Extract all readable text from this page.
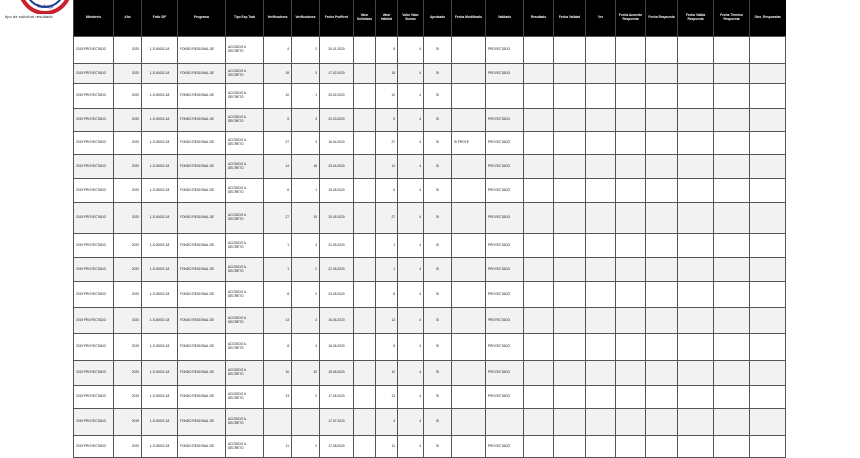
Trabajo
tipo de solicitud resultado	Ministerio	Año	Folio SIF	Programa	Tipo Exp Trab	Verificadores	Verificadores	Fecha Proffired	Valor Solicitado	Valor Hábitat	Valor Valor Sumas	Aprobado	Fecha Modificado	Validado	Resultado	Fecha Validad	Ver	Fecha Acuerdo Respuesta	Fecha Respuesta	Fecha Valida Respuesta	Fecha Término Respuesta	Otro_Respuestas
2019 PROYECTADO	2020	1-S-00002-18	FONDO REGIONAL DE	ACOGIDO A DECRETO	4	2	20-01-2020		8	4	Si		PROYECTADO								
2019 PROYECTADO	2020	1-S-00002-18	FONDO REGIONAL DE	ACOGIDO A DECRETO	18	3	17-02-2020		18	4	Si		PROYECTADO								
2019 PROYECTADO	2020	1-S-00002-18	FONDO REGIONAL DE	ACOGIDO A DECRETO	10	1	20-02-2020		10	4	Si										
2019 PROYECTADO	2020	1-S-00002-18	FONDO REGIONAL DE	ACOGIDO A DECRETO	5	3	20-03-2020		5	4	Si		PROYECTADO								
2019 PROYECTADO	2020	1-S-00002-18	FONDO REGIONAL DE	ACOGIDO A DECRETO	27	3	16-04-2020		27	4	Si	Si PROYE	PROYECTADO								
2019 PROYECTADO	2020	1-S-00002-18	FONDO REGIONAL DE	ACOGIDO A DECRETO	14	18	23-04-2020		14	4	Si		PROYECTADO								
2019 PROYECTADO	2020	1-S-00002-18	FONDO REGIONAL DE	ACOGIDO A DECRETO	6	1	15-05-2020		6	4	Si		PROYECTADO								
2019 PROYECTADO	2020	1-S-00002-18	FONDO REGIONAL DE	ACOGIDO A DECRETO	27	19	20-05-2020		27	4	Si		PROYECTADO								
2019 PROYECTADO	2020	1-S-00002-18	FONDO REGIONAL DE	ACOGIDO A DECRETO	1	3	21-05-2020		1	4	Si		PROYECTADO								
2019 PROYECTADO	2020	1-S-00002-18	FONDO REGIONAL DE	ACOGIDO A DECRETO	1	2	22-05-2020		1	4	Si		PROYECTADO								
2019 PROYECTADO	2020	1-S-00002-18	FONDO REGIONAL DE	ACOGIDO A DECRETO	8	2	23-05-2020		8	4	Si		PROYECTADO								
2019 PROYECTADO	2020	1-S-00002-18	FONDO REGIONAL DE	ACOGIDO A DECRETO	13	2	16-06-2020		13	4	Si		PROYECTADO								
2019 PROYECTADO	2019	1-S-00002-18	FONDO REGIONAL DE	ACOGIDO A DECRETO	8	4	16-06-2020		8	4	Si		PROYECTADO								
2019 PROYECTADO	2020	1-S-00002-18	FONDO REGIONAL DE	ACOGIDO A DECRETO	10	20	15-06-2020		10	4	Si		PROYECTADO								
2019 PROYECTADO	2019	1-S-00002-18	FONDO REGIONAL DE	ACOGIDO A DECRETO	13	2	17-06-2020		13	4	Si		PROYECTADO								
2019 PROYECTADO	2019	1-S-00002-18	FONDO REGIONAL DE	ACOGIDO A DECRETO			17-07-2020		4	4	Si										
2019 PROYECTADO	2020	1-S-00002-18	FONDO REGIONAL DE	ACOGIDO A DECRETO	11	2	17-08-2020		11	4	Si		PROYECTADO								
